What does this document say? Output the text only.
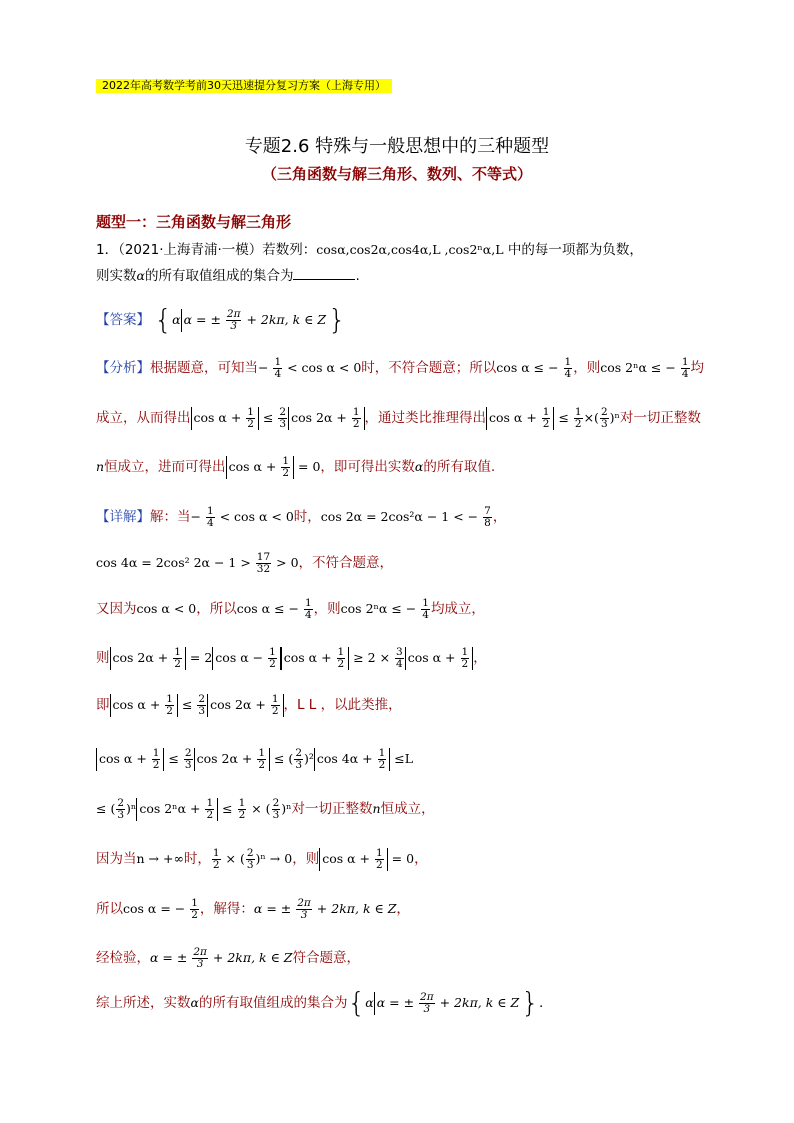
2022年高考数学考前30天迅速提分复习方案（上海专用）
专题2.6 特殊与一般思想中的三种题型
（三角函数与解三角形、数列、不等式）
题型一：三角函数与解三角形
1．（2021·上海青浦·一模）若数列：cosα,cos2α,cos4α,L ,cos2ⁿα,L 中的每一项都为负数，
则实数α的所有取值组成的集合为	.
【答案】 {α α = ± $\frac{2\pi}{3} + 2k\pi$, k ∈ Z}
【分析】根据题意，可知当− $\frac{1}{4} < \cos \alpha < 0$时，不符合题意；所以cos α ≤ − $\frac{1}{4}$ ，则cos 2ⁿα ≤ − $\frac{1}{4}$ 均
成立，从而得出 $\cos \alpha + \frac{1}{2} \le \frac{2}{3}$ $\cos 2\alpha + \frac{1}{2}$ ，通过类比推理得出 $\cos \alpha + \frac{1}{2} \le \frac{1}{2}$ ×( $\frac{2}{3} )^n$对一切正整数
n恒成立，进而可得出 $\cos \alpha + \frac{1}{2} = 0$，即可得出实数α的所有取值.
【详解】解：当− $\frac{1}{4} < \cos \alpha < 0$时，cos 2α = 2cos²α − 1 < − $\frac{7}{8}$ ，
cos 4α = 2cos² $2\alpha - 1 > \frac{17}{32} > 0$，不符合题意，
又因为cos α < 0，所以cos α ≤ − $\frac{1}{4}$ ，则cos 2ⁿα ≤ − $\frac{1}{4}$ 均成立，
则 $\cos 2\alpha + \frac{1}{2} = 2$ $\cos \alpha - \frac{1}{2}$ $\cos \alpha + \frac{1}{2} \ge 2 \times \frac{3}{4}$ $\cos \alpha + \frac{1}{2}$ ，
即 $\cos \alpha + \frac{1}{2} \le \frac{2}{3}$ $\cos 2\alpha + \frac{1}{2}$ ，L L ，以此类推，
$\cos \alpha + \frac{1}{2} \le \frac{2}{3}$ $\cos 2\alpha + \frac{1}{2}$ ≤ ( $\frac{2}{3} )^2$ $\cos 4\alpha + \frac{1}{2} \le L$
≤ ( $\frac{2}{3} )^n$ $\cos 2^n\alpha + \frac{1}{2} \le \frac{1}{2}$ × ( $\frac{2}{3} )^n$对一切正整数n恒成立，
因为当n → +∞时， $\frac{1}{2}$ × ( $\frac{2}{3} )^n \to 0$，则 $\cos \alpha + \frac{1}{2} = 0$，
所以cos α = − $\frac{1}{2}$ ，解得：α = ± $\frac{2\pi}{3} + 2k\pi$, k ∈ Z，
经检验，α = ± $\frac{2\pi}{3} + 2k\pi$, k ∈ Z符合题意，
综上所述，实数α的所有取值组成的集合为{α α = ± $\frac{2\pi}{3} + 2k\pi$, k ∈ Z}.
